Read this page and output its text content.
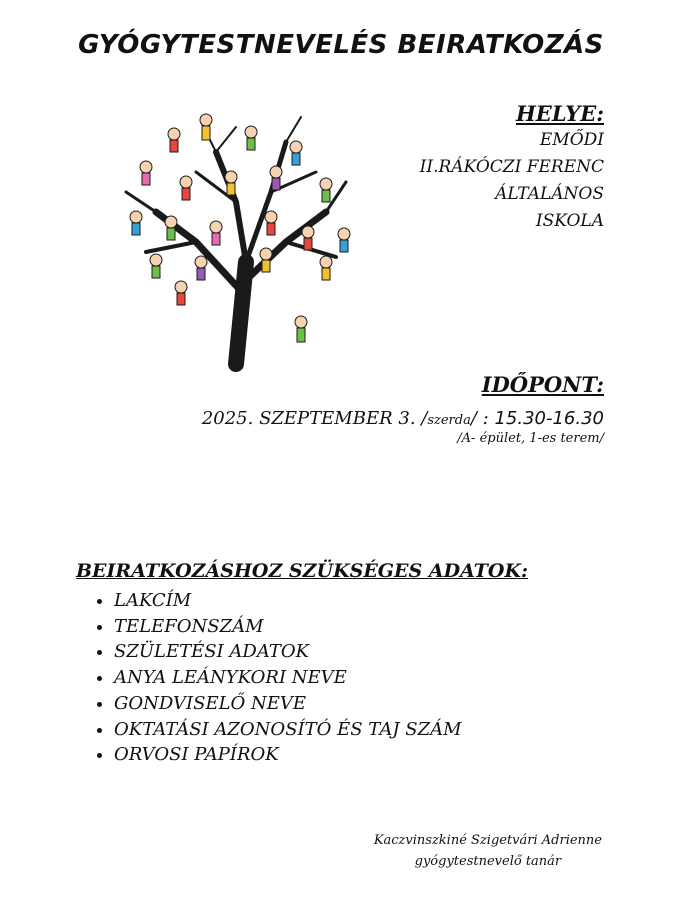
GYÓGYTESTNEVELÉS BEIRATKOZÁS
HELYE:
EMŐDI
II.RÁKÓCZI FERENC
ÁLTALÁNOS
ISKOLA
IDŐPONT:
2025. SZEPTEMBER 3. /szerda/ : 15.30-16.30
/A- épület, 1-es terem/
BEIRATKOZÁSHOZ SZÜKSÉGES ADATOK:
• LAKCÍM
• TELEFONSZÁM
• SZÜLETÉSI ADATOK
• ANYA LEÁNYKORI NEVE
• GONDVISELŐ NEVE
• OKTATÁSI AZONOSÍTÓ ÉS TAJ SZÁM
• ORVOSI PAPÍROK
Kaczvinszkiné Szigetvári Adrienne
gyógytestnevelő tanár
